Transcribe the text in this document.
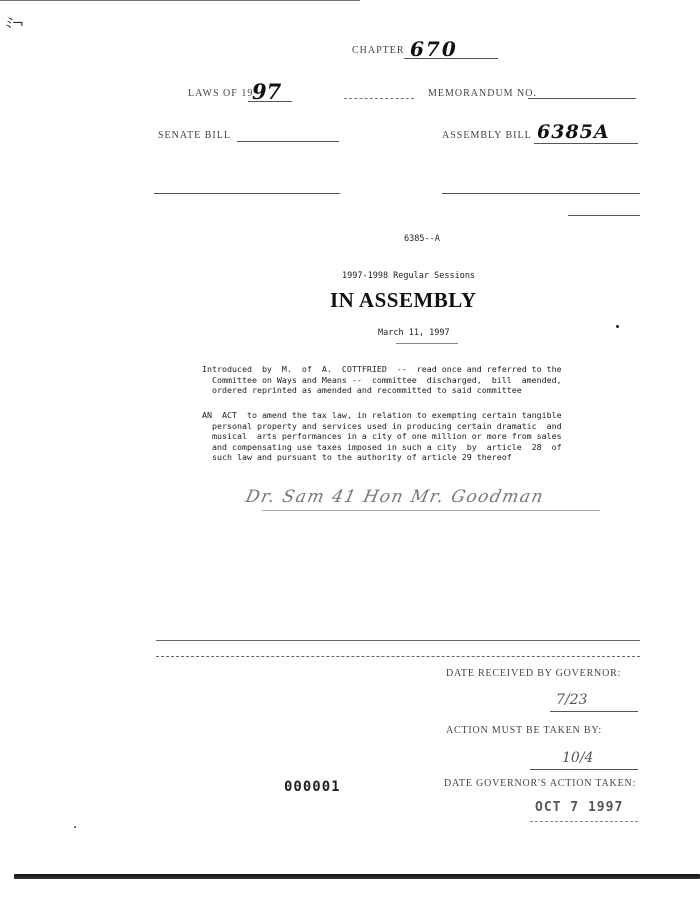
ﾐ¬
CHAPTER 670
LAWS OF 19
97	MEMORANDUM NO.
SENATE BILL	ASSEMBLY BILL 6385A
6385--A
1997-1998 Regular Sessions
IN ASSEMBLY
March 11, 1997
Introduced  by  M.  of  A.  COTTFRIED  --  read once and referred to the
Committee on Ways and Means --  committee  discharged,  bill  amended,
ordered reprinted as amended and recommitted to said committee
AN  ACT  to amend the tax law, in relation to exempting certain tangible
personal property and services used in producing certain dramatic  and
musical  arts performances in a city of one million or more from sales
and compensating use taxes imposed in such a city  by  article  28  of
such law and pursuant to the authority of article 29 thereof
Dr. Sam 41 Hon Mr. Goodman
DATE RECEIVED BY GOVERNOR:
7/23
ACTION MUST BE TAKEN BY:
10/4
DATE GOVERNOR'S ACTION TAKEN:
OCT 7 1997
000001
